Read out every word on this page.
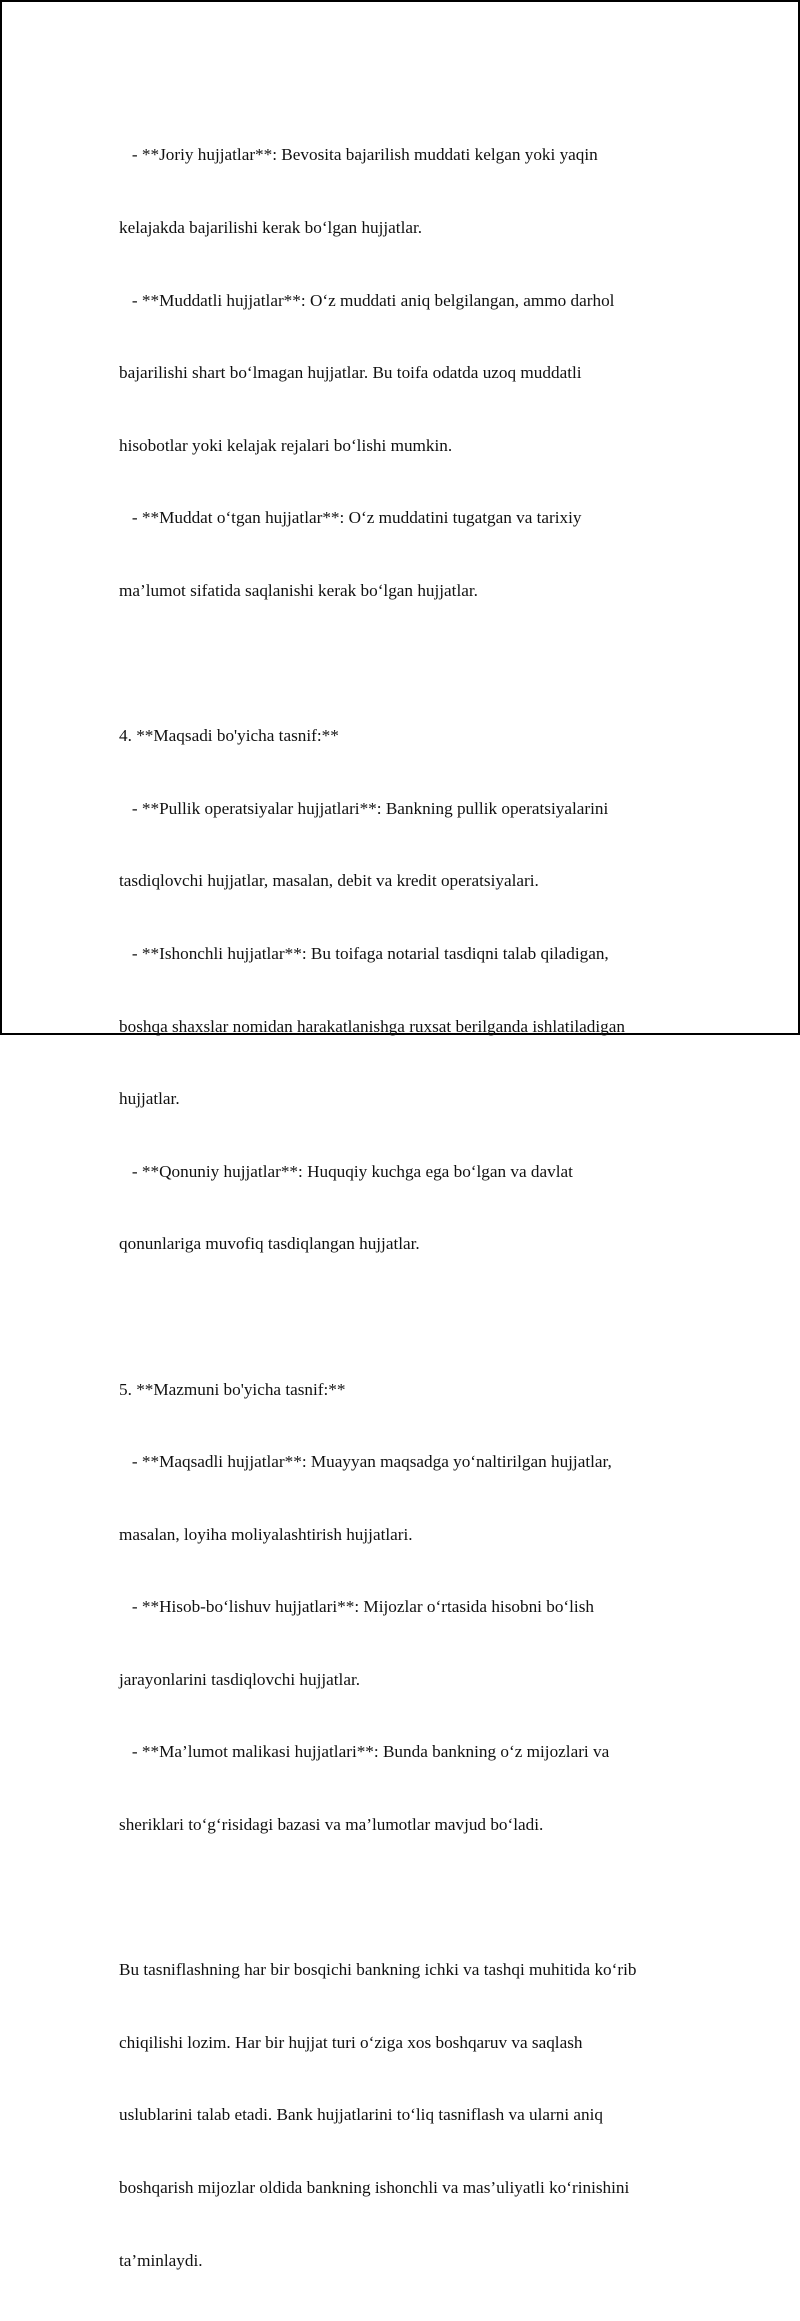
- **Joriy hujjatlar**: Bevosita bajarilish muddati kelgan yoki yaqin

kelajakda bajarilishi kerak bo‘lgan hujjatlar.

- **Muddatli hujjatlar**: O‘z muddati aniq belgilangan, ammo darhol

bajarilishi shart bo‘lmagan hujjatlar. Bu toifa odatda uzoq muddatli

hisobotlar yoki kelajak rejalari bo‘lishi mumkin.

- **Muddat o‘tgan hujjatlar**: O‘z muddatini tugatgan va tarixiy

ma’lumot sifatida saqlanishi kerak bo‘lgan hujjatlar.

4. **Maqsadi bo'yicha tasnif:**

- **Pullik operatsiyalar hujjatlari**: Bankning pullik operatsiyalarini

tasdiqlovchi hujjatlar, masalan, debit va kredit operatsiyalari.

- **Ishonchli hujjatlar**: Bu toifaga notarial tasdiqni talab qiladigan,

boshqa shaxslar nomidan harakatlanishga ruxsat berilganda ishlatiladigan

hujjatlar.

- **Qonuniy hujjatlar**: Huquqiy kuchga ega bo‘lgan va davlat

qonunlariga muvofiq tasdiqlangan hujjatlar.

5. **Mazmuni bo'yicha tasnif:**

- **Maqsadli hujjatlar**: Muayyan maqsadga yo‘naltirilgan hujjatlar,

masalan, loyiha moliyalashtirish hujjatlari.

- **Hisob-bo‘lishuv hujjatlari**: Mijozlar o‘rtasida hisobni bo‘lish

jarayonlarini tasdiqlovchi hujjatlar.

- **Ma’lumot malikasi hujjatlari**: Bunda bankning o‘z mijozlari va

sheriklari to‘g‘risidagi bazasi va ma’lumotlar mavjud bo‘ladi.

Bu tasniflashning har bir bosqichi bankning ichki va tashqi muhitida ko‘rib

chiqilishi lozim. Har bir hujjat turi o‘ziga xos boshqaruv va saqlash

uslublarini talab etadi. Bank hujjatlarini to‘liq tasniflash va ularni aniq

boshqarish mijozlar oldida bankning ishonchli va mas’uliyatli ko‘rinishini

ta’minlaydi.
